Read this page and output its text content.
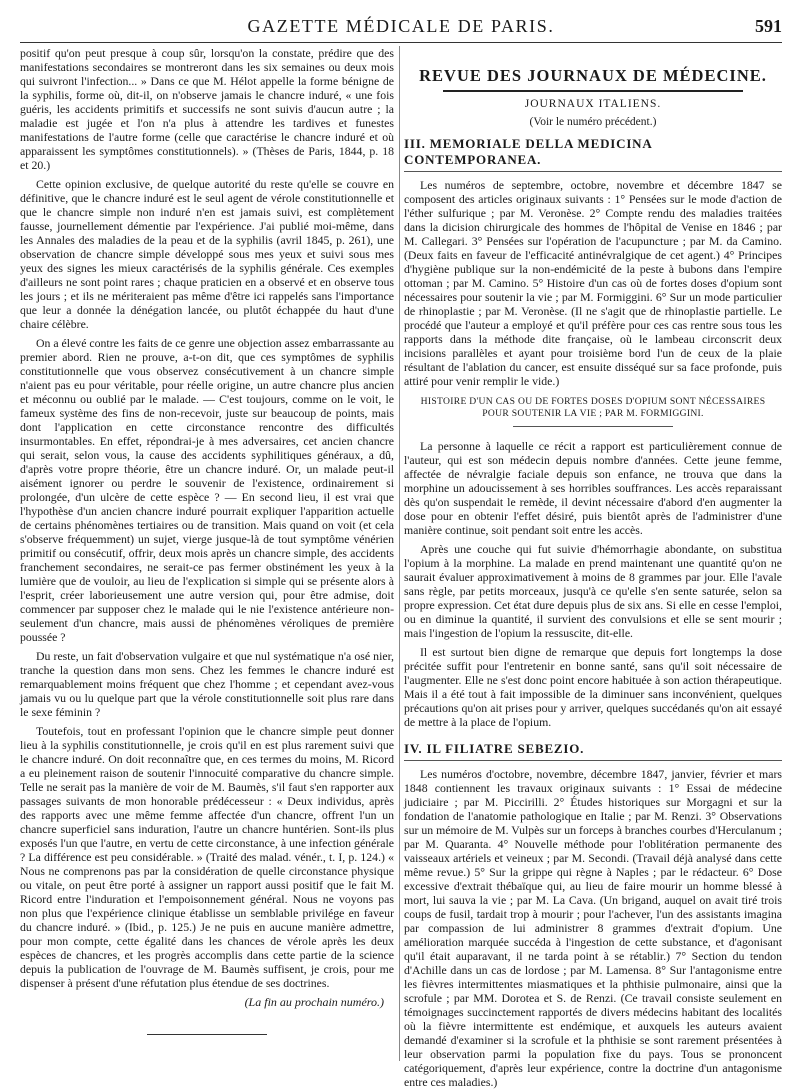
GAZETTE MÉDICALE DE PARIS.	591

positif qu'on peut presque à coup sûr, lorsqu'on la constate, prédire que des manifestations secondaires se montreront dans les six semaines ou deux mois qui suivront l'infection... » Dans ce que M. Hélot appelle la forme bénigne de la syphilis, forme où, dit-il, on n'observe jamais le chancre induré, « une fois guéris, les accidents primitifs et successifs ne sont suivis d'aucun autre ; la maladie est jugée et l'on n'a plus à attendre les tardives et funestes manifestations de l'autre forme (celle que caractérise le chancre induré et où apparaissent les symptômes constitutionnels). » (Thèses de Paris, 1844, p. 18 et 20.)

Cette opinion exclusive, de quelque autorité du reste qu'elle se couvre en définitive, que le chancre induré est le seul agent de vérole constitutionnelle et que le chancre simple non induré n'en est jamais suivi, est complètement fausse, journellement démentie par l'expérience. J'ai publié moi-même, dans les Annales des maladies de la peau et de la syphilis (avril 1845, p. 261), une observation de chancre simple développé sous mes yeux et suivi sous mes yeux des signes les mieux caractérisés de la syphilis générale. Ces exemples d'ailleurs ne sont point rares ; chaque praticien en a observé et en observe tous les jours ; et ils ne mériteraient pas même d'être ici rappelés sans l'importance que leur a donnée la dénégation lancée, ou plutôt échappée du haut d'une chaire célèbre.

On a élevé contre les faits de ce genre une objection assez embarrassante au premier abord. Rien ne prouve, a-t-on dit, que ces symptômes de syphilis constitutionnelle que vous observez consécutivement à un chancre simple n'aient pas eu pour véritable, pour réelle origine, un autre chancre plus ancien et méconnu ou oublié par le malade. — C'est toujours, comme on le voit, le fameux système des fins de non-recevoir, juste sur beaucoup de points, mais dont l'application en cette circonstance rencontre des difficultés insurmontables. En effet, répondrai-je à mes adversaires, cet ancien chancre qui serait, selon vous, la cause des accidents syphilitiques généraux, a dû, d'après votre propre théorie, être un chancre induré. Or, un malade peut-il aisément ignorer ou perdre le souvenir de l'existence, ordinairement si prolongée, d'un ulcère de cette espèce ? — En second lieu, il est vrai que l'hypothèse d'un ancien chancre induré pourrait expliquer l'apparition actuelle de certains phénomènes tertiaires ou de transition. Mais quand on voit (et cela s'observe fréquemment) un sujet, vierge jusque-là de tout symptôme vénérien primitif ou consécutif, offrir, deux mois après un chancre simple, des accidents franchement secondaires, ne serait-ce pas fermer obstinément les yeux à la lumière que de vouloir, au lieu de l'explication si simple qui se présente alors à l'esprit, créer laborieusement une autre version qui, pour être admise, doit commencer par supposer chez le malade qui le nie l'existence antérieure non-seulement d'un chancre, mais aussi de phénomènes véroliques de première poussée ?

Du reste, un fait d'observation vulgaire et que nul systématique n'a osé nier, tranche la question dans mon sens. Chez les femmes le chancre induré est remarquablement moins fréquent que chez l'homme ; et cependant avez-vous jamais vu ou lu quelque part que la vérole constitutionnelle soit plus rare dans le sexe féminin ?

Toutefois, tout en professant l'opinion que le chancre simple peut donner lieu à la syphilis constitutionnelle, je crois qu'il en est plus rarement suivi que le chancre induré. On doit reconnaître que, en ces termes du moins, M. Ricord a eu pleinement raison de soutenir l'innocuité comparative du chancre simple. Telle ne serait pas la manière de voir de M. Baumès, s'il faut s'en rapporter aux passages suivants de mon honorable prédécesseur : « Deux individus, après des rapports avec une même femme affectée d'un chancre, offrent l'un un chancre superficiel sans induration, l'autre un chancre huntérien. Sont-ils plus exposés l'un que l'autre, en vertu de cette circonstance, à une infection générale ? La différence est peu considérable. » (Traité des malad. vénér., t. I, p. 124.) « Nous ne comprenons pas par la considération de quelle circonstance physique ou vitale, on peut être porté à assigner un rapport aussi positif que le fait M. Ricord entre l'induration et l'empoisonnement général. Nous ne voyons pas non plus que l'expérience clinique établisse un semblable privilége en faveur du chancre induré. » (Ibid., p. 125.) Je ne puis en aucune manière admettre, pour mon compte, cette égalité dans les chances de vérole après les deux espèces de chancres, et les progrès accomplis dans cette partie de la science depuis la publication de l'ouvrage de M. Baumès suffisent, je crois, pour me dispenser à présent d'une réfutation plus étendue de ses doctrines.

(La fin au prochain numéro.)
REVUE DES JOURNAUX DE MÉDECINE.
JOURNAUX ITALIENS.
(Voir le numéro précédent.)
III. MEMORIALE DELLA MEDICINA CONTEMPORANEA.

Les numéros de septembre, octobre, novembre et décembre 1847 se composent des articles originaux suivants : 1° Pensées sur le mode d'action de l'éther sulfurique ; par M. Veronèse. 2° Compte rendu des maladies traitées dans la dicision chirurgicale des hommes de l'hôpital de Venise en 1846 ; par M. Callegari. 3° Pensées sur l'opération de l'acupuncture ; par M. da Camino. (Deux faits en faveur de l'efficacité antinévralgique de cet agent.) 4° Principes d'hygiène publique sur la non-endémicité de la peste à bubons dans l'empire ottoman ; par M. Camino. 5° Histoire d'un cas où de fortes doses d'opium sont nécessaires pour soutenir la vie ; par M. Formiggini. 6° Sur un mode particulier de rhinoplastie ; par M. Veronèse. (Il ne s'agit que de rhinoplastie partielle. Le procédé que l'auteur a employé et qu'il préfère pour ces cas rentre sous tous les rapports dans la méthode dite française, où le lambeau circonscrit deux incisions parallèles et ayant pour troisième bord l'un de ceux de la plaie résultant de l'ablation du cancer, est ensuite disséqué sur sa face profonde, puis attiré pour venir remplir le vide.)

HISTOIRE D'UN CAS OU DE FORTES DOSES D'OPIUM SONT NÉCESSAIRES POUR SOUTENIR LA VIE ; PAR M. FORMIGGINI.

La personne à laquelle ce récit a rapport est particulièrement connue de l'auteur, qui est son médecin depuis nombre d'années. Cette jeune femme, affectée de névralgie faciale depuis son enfance, ne trouva que dans la morphine un adoucissement à ses horribles souffrances. Les accès reparaissant dès qu'on suspendait le remède, il devint nécessaire d'abord d'en augmenter la dose pour en obtenir l'effet désiré, puis bientôt après de l'administrer d'une manière continue, soit pendant soit entre les accès.

Après une couche qui fut suivie d'hémorrhagie abondante, on substitua l'opium à la morphine. La malade en prend maintenant une quantité qu'on ne saurait évaluer approximativement à moins de 8 grammes par jour. Elle l'avale sans règle, par petits morceaux, jusqu'à ce qu'elle s'en sente saturée, selon sa propre expression. Cet état dure depuis plus de six ans. Si elle en cesse l'emploi, ou en diminue la quantité, il survient des convulsions et elle se sent mourir ; mais l'ingestion de l'opium la ressuscite, dit-elle.

Il est surtout bien digne de remarque que depuis fort longtemps la dose précitée suffit pour l'entretenir en bonne santé, sans qu'il soit nécessaire de l'augmenter. Elle ne s'est donc point encore habituée à son action thérapeutique. Mais il a été tout à fait impossible de la diminuer sans inconvénient, quelques précautions qu'on ait prises pour y arriver, quelques succédanés qu'on ait essayé de mettre à la place de l'opium.

IV. IL FILIATRE SEBEZIO.

Les numéros d'octobre, novembre, décembre 1847, janvier, février et mars 1848 contiennent les travaux originaux suivants : 1° Essai de médecine judiciaire ; par M. Piccirilli. 2° Études historiques sur Morgagni et sur la fondation de l'anatomie pathologique en Italie ; par M. Renzi. 3° Observations sur un mémoire de M. Vulpès sur un forceps à branches courbes d'Herculanum ; par M. Quaranta. 4° Nouvelle méthode pour l'oblitération permanente des vaisseaux artériels et veineux ; par M. Secondi. (Travail déjà analysé dans cette même revue.) 5° Sur la grippe qui règne à Naples ; par le rédacteur. 6° Dose excessive d'extrait thébaïque qui, au lieu de faire mourir un homme blessé à mort, lui sauva la vie ; par M. La Cava. (Un brigand, auquel on avait tiré trois coups de fusil, tardait trop à mourir ; pour l'achever, l'un des assistants imagina par compassion de lui administrer 8 grammes d'extrait d'opium. Une amélioration marquée succéda à l'ingestion de cette substance, et d'agonisant qu'il était auparavant, il ne tarda point à se rétablir.) 7° Section du tendon d'Achille dans un cas de lordose ; par M. Lamensa. 8° Sur l'antagonisme entre les fièvres intermittentes miasmatiques et la phthisie pulmonaire, ainsi que la scrofule ; par MM. Dorotea et S. de Renzi. (Ce travail consiste seulement en témoignages succinctement rapportés de divers médecins habitant des localités où la fièvre intermittente est endémique, et auxquels les auteurs avaient demandé d'examiner si la scrofule et la phthisie se sont rarement présentées à leur observation parmi la population fixe du pays. Tous se prononcent catégoriquement, d'après leur expérience, contre la doctrine d'un antagonisme entre ces maladies.)
